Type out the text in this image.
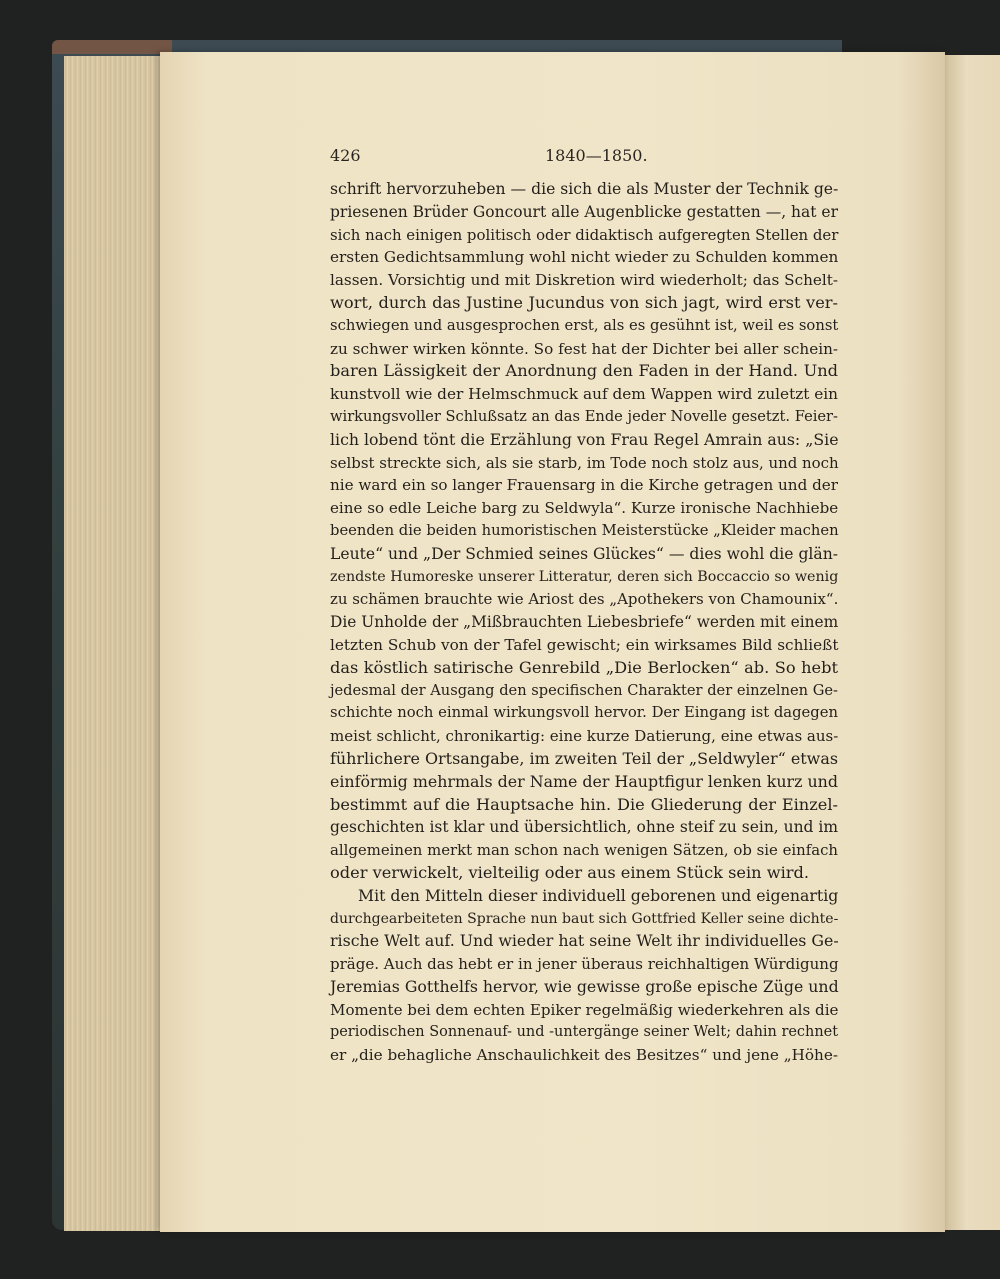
426	1840—1850.
schrift hervorzuheben — die sich die als Muster der Technik ge-
priesenen Brüder Goncourt alle Augenblicke gestatten —, hat er
sich nach einigen politisch oder didaktisch aufgeregten Stellen der
ersten Gedichtsammlung wohl nicht wieder zu Schulden kommen
lassen. Vorsichtig und mit Diskretion wird wiederholt; das Schelt-
wort, durch das Justine Jucundus von sich jagt, wird erst ver-
schwiegen und ausgesprochen erst, als es gesühnt ist, weil es sonst
zu schwer wirken könnte. So fest hat der Dichter bei aller schein-
baren Lässigkeit der Anordnung den Faden in der Hand. Und
kunstvoll wie der Helmschmuck auf dem Wappen wird zuletzt ein
wirkungsvoller Schlußsatz an das Ende jeder Novelle gesetzt. Feier-
lich lobend tönt die Erzählung von Frau Regel Amrain aus: „Sie
selbst streckte sich, als sie starb, im Tode noch stolz aus, und noch
nie ward ein so langer Frauensarg in die Kirche getragen und der
eine so edle Leiche barg zu Seldwyla“. Kurze ironische Nachhiebe
beenden die beiden humoristischen Meisterstücke „Kleider machen
Leute“ und „Der Schmied seines Glückes“ — dies wohl die glän-
zendste Humoreske unserer Litteratur, deren sich Boccaccio so wenig
zu schämen brauchte wie Ariost des „Apothekers von Chamounix“.
Die Unholde der „Mißbrauchten Liebesbriefe“ werden mit einem
letzten Schub von der Tafel gewischt; ein wirksames Bild schließt
das köstlich satirische Genrebild „Die Berlocken“ ab. So hebt
jedesmal der Ausgang den specifischen Charakter der einzelnen Ge-
schichte noch einmal wirkungsvoll hervor. Der Eingang ist dagegen
meist schlicht, chronikartig: eine kurze Datierung, eine etwas aus-
führlichere Ortsangabe, im zweiten Teil der „Seldwyler“ etwas
einförmig mehrmals der Name der Hauptfigur lenken kurz und
bestimmt auf die Hauptsache hin. Die Gliederung der Einzel-
geschichten ist klar und übersichtlich, ohne steif zu sein, und im
allgemeinen merkt man schon nach wenigen Sätzen, ob sie einfach
oder verwickelt, vielteilig oder aus einem Stück sein wird.
Mit den Mitteln dieser individuell geborenen und eigenartig
durchgearbeiteten Sprache nun baut sich Gottfried Keller seine dichte-
rische Welt auf. Und wieder hat seine Welt ihr individuelles Ge-
präge. Auch das hebt er in jener überaus reichhaltigen Würdigung
Jeremias Gotthelfs hervor, wie gewisse große epische Züge und
Momente bei dem echten Epiker regelmäßig wiederkehren als die
periodischen Sonnenauf- und -untergänge seiner Welt; dahin rechnet
er „die behagliche Anschaulichkeit des Besitzes“ und jene „Höhe-
